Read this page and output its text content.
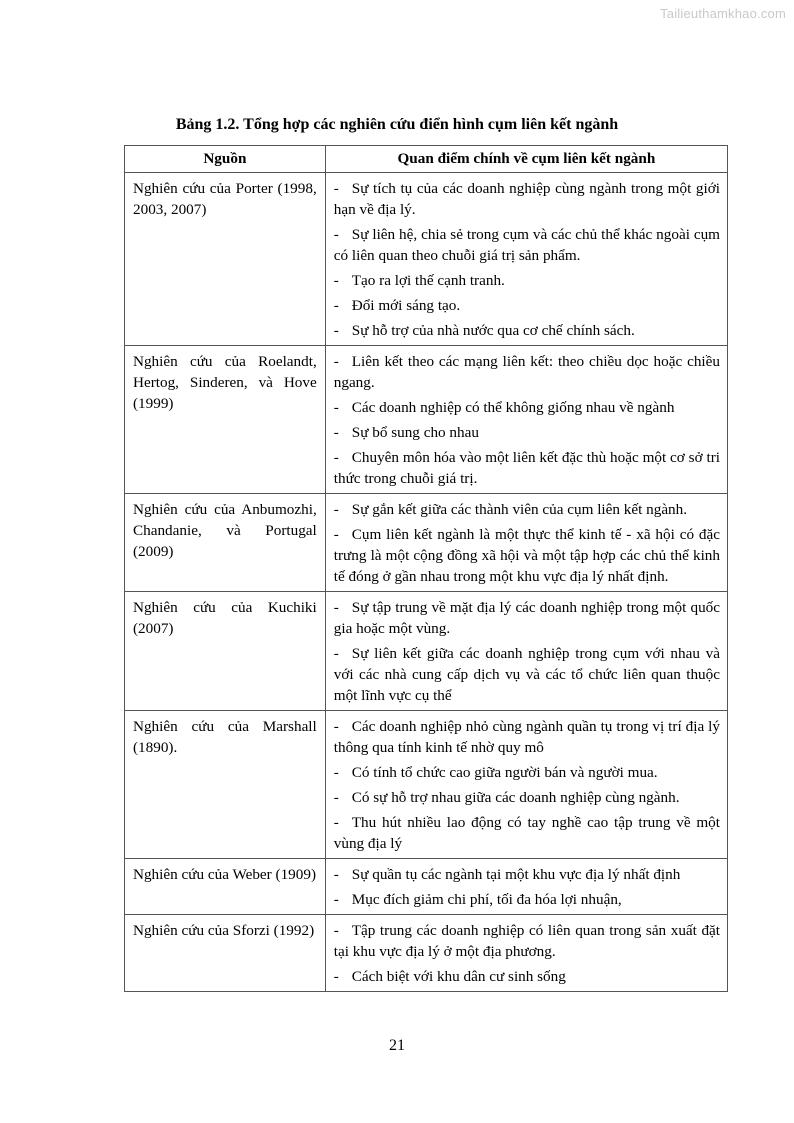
Tailieuthamkhao.com
Bảng 1.2. Tổng hợp các nghiên cứu điển hình cụm liên kết ngành
Nguồn	Quan điểm chính về cụm liên kết ngành
Nghiên cứu của Porter (1998, 2003, 2007)	- Sự tích tụ của các doanh nghiệp cùng ngành trong một giới hạn về địa lý.
- Sự liên hệ, chia sẻ trong cụm và các chủ thể khác ngoài cụm có liên quan theo chuỗi giá trị sản phẩm.
- Tạo ra lợi thế cạnh tranh.
- Đổi mới sáng tạo.
- Sự hỗ trợ của nhà nước qua cơ chế chính sách.

Nghiên cứu của Roelandt, Hertog, Sinderen, và Hove (1999)	- Liên kết theo các mạng liên kết: theo chiều dọc hoặc chiều ngang.
- Các doanh nghiệp có thể không giống nhau về ngành
- Sự bổ sung cho nhau
- Chuyên môn hóa vào một liên kết đặc thù hoặc một cơ sở tri thức trong chuỗi giá trị.

Nghiên cứu của Anbumozhi, Chandanie, và Portugal (2009)	- Sự gắn kết giữa các thành viên của cụm liên kết ngành.
- Cụm liên kết ngành là một thực thể kinh tế - xã hội có đặc trưng là một cộng đồng xã hội và một tập hợp các chủ thể kinh tế đóng ở gần nhau trong một khu vực địa lý nhất định.

Nghiên cứu của Kuchiki (2007)	- Sự tập trung về mặt địa lý các doanh nghiệp trong một quốc gia hoặc một vùng.
- Sự liên kết giữa các doanh nghiệp trong cụm với nhau và với các nhà cung cấp dịch vụ và các tổ chức liên quan thuộc một lĩnh vực cụ thể

Nghiên cứu của Marshall (1890).	- Các doanh nghiệp nhỏ cùng ngành quần tụ trong vị trí địa lý thông qua tính kinh tế nhờ quy mô
- Có tính tổ chức cao giữa người bán và người mua.
- Có sự hỗ trợ nhau giữa các doanh nghiệp cùng ngành.
- Thu hút nhiều lao động có tay nghề cao tập trung về một vùng địa lý

Nghiên cứu của Weber (1909)	- Sự quần tụ các ngành tại một khu vực địa lý nhất định
- Mục đích giảm chi phí, tối đa hóa lợi nhuận,

Nghiên cứu của Sforzi (1992)	- Tập trung các doanh nghiệp có liên quan trong sản xuất đặt tại khu vực địa lý ở một địa phương.
- Cách biệt với khu dân cư sinh sống
21
